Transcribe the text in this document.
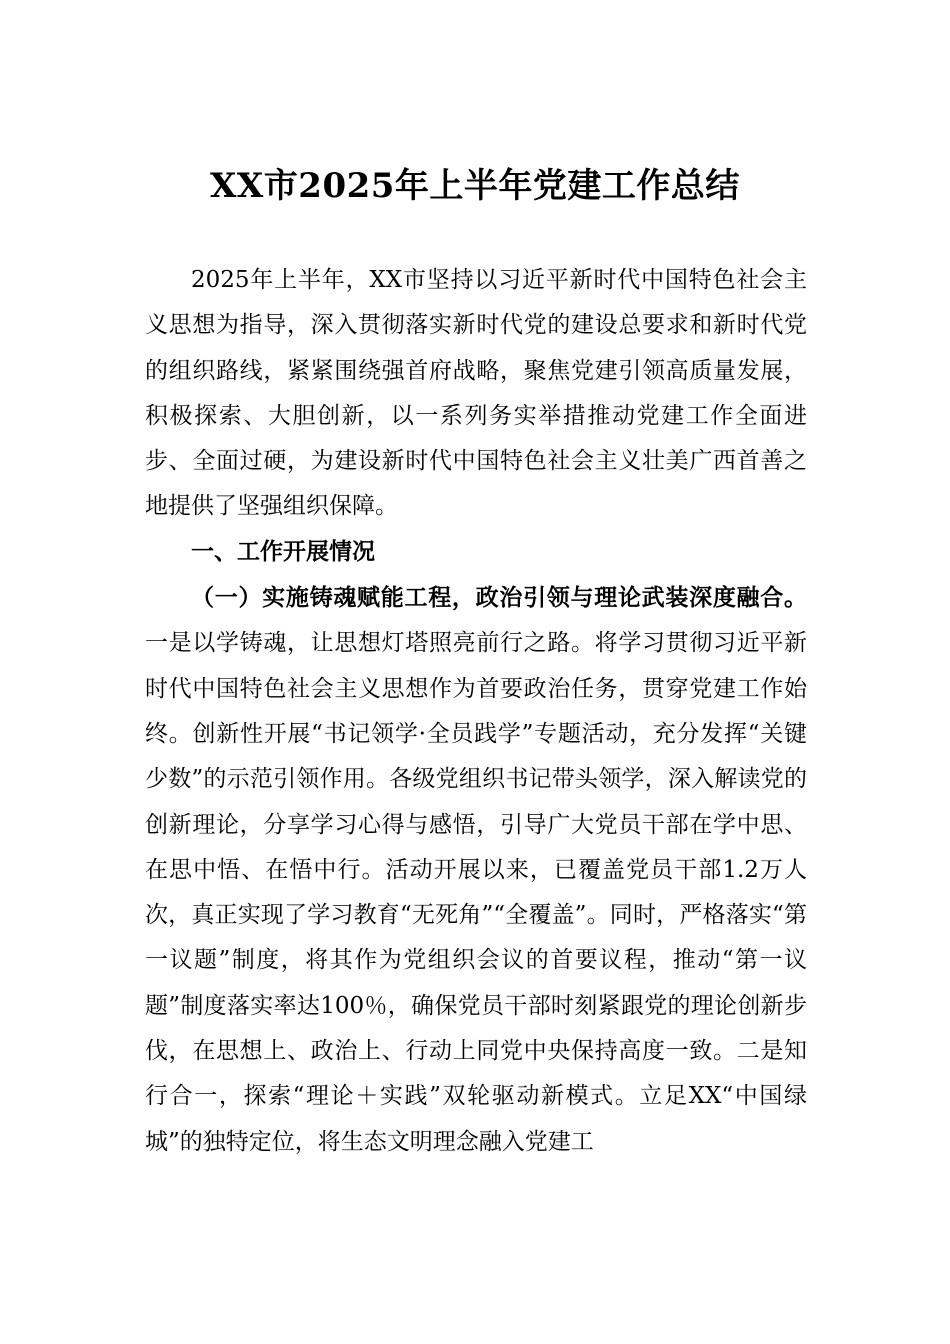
XX市2025年上半年党建工作总结

2025年上半年，XX市坚持以习近平新时代中国特色社会主义思想为指导，深入贯彻落实新时代党的建设总要求和新时代党的组织路线，紧紧围绕强首府战略，聚焦党建引领高质量发展，积极探索、大胆创新，以一系列务实举措推动党建工作全面进步、全面过硬，为建设新时代中国特色社会主义壮美广西首善之地提供了坚强组织保障。

一、工作开展情况

（一）实施铸魂赋能工程，政治引领与理论武装深度融合。一是以学铸魂，让思想灯塔照亮前行之路。将学习贯彻习近平新时代中国特色社会主义思想作为首要政治任务，贯穿党建工作始终。创新性开展“书记领学·全员践学”专题活动，充分发挥“关键少数”的示范引领作用。各级党组织书记带头领学，深入解读党的创新理论，分享学习心得与感悟，引导广大党员干部在学中思、在思中悟、在悟中行。活动开展以来，已覆盖党员干部1.2万人次，真正实现了学习教育“无死角”“全覆盖”。同时，严格落实“第一议题”制度，将其作为党组织会议的首要议程，推动“第一议题”制度落实率达100％，确保党员干部时刻紧跟党的理论创新步伐，在思想上、政治上、行动上同党中央保持高度一致。二是知行合一，探索“理论＋实践”双轮驱动新模式。立足XX“中国绿城”的独特定位，将生态文明理念融入党建工
